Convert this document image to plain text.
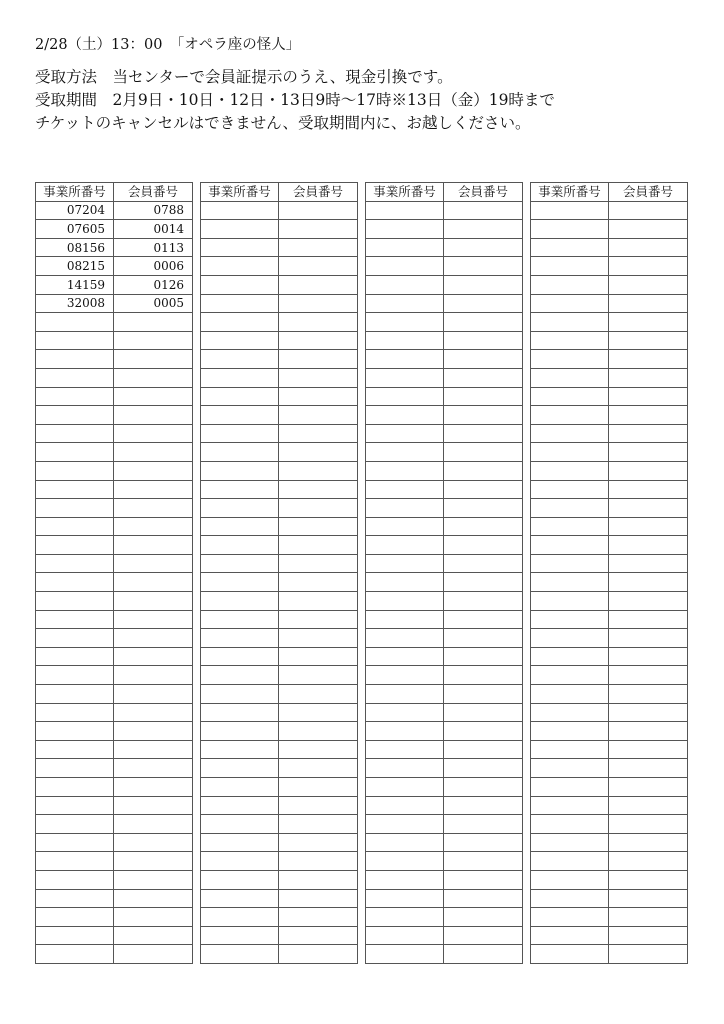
2/28（土）13：00　「オペラ座の怪人」
受取方法　当センターで会員証提示のうえ、現金引換です。
受取期間　2月9日・10日・12日・13日9時～17時※13日（金）19時まで
チケットのキャンセルはできません、受取期間内に、お越しください。
事業所番号	会員番号
07204	0788
07605	0014
08156	0113
08215	0006
14159	0126
32008	0005

事業所番号	会員番号

	事業所番号	会員番号

	事業所番号	会員番号
